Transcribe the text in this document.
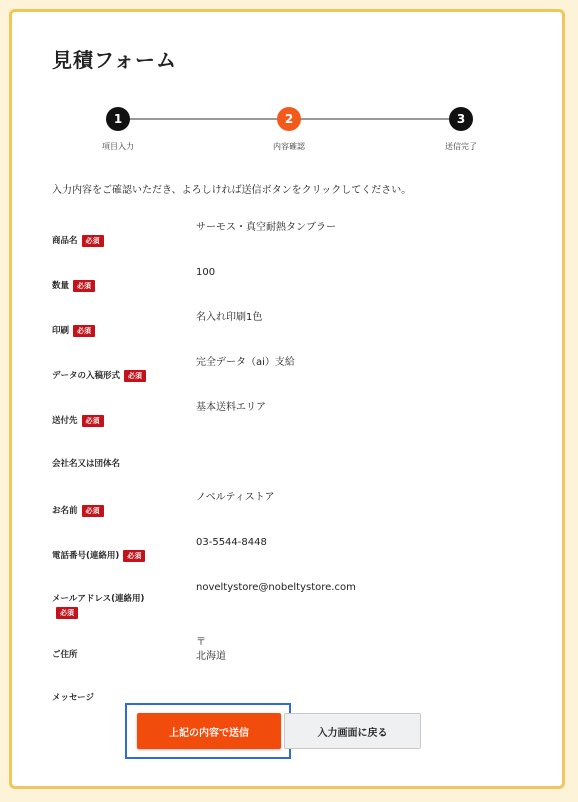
見積フォーム
1
項目入力
2
内容確認
3
送信完了
入力内容をご確認いただき、よろしければ送信ボタンをクリックしてください。
商品名 必須
サーモス・真空耐熱タンブラー
数量 必須
100
印刷 必須
名入れ印刷1色
データの入稿形式 必須
完全データ（ai）支給
送付先 必須
基本送料エリア
会社名又は団体名
お名前 必須
ノベルティストア
電話番号(連絡用) 必須
03-5544-8448
メールアドレス(連絡用)
必須
noveltystore@nobeltystore.com
ご住所
〒
北海道
メッセージ
上記の内容で送信	入力画面に戻る
